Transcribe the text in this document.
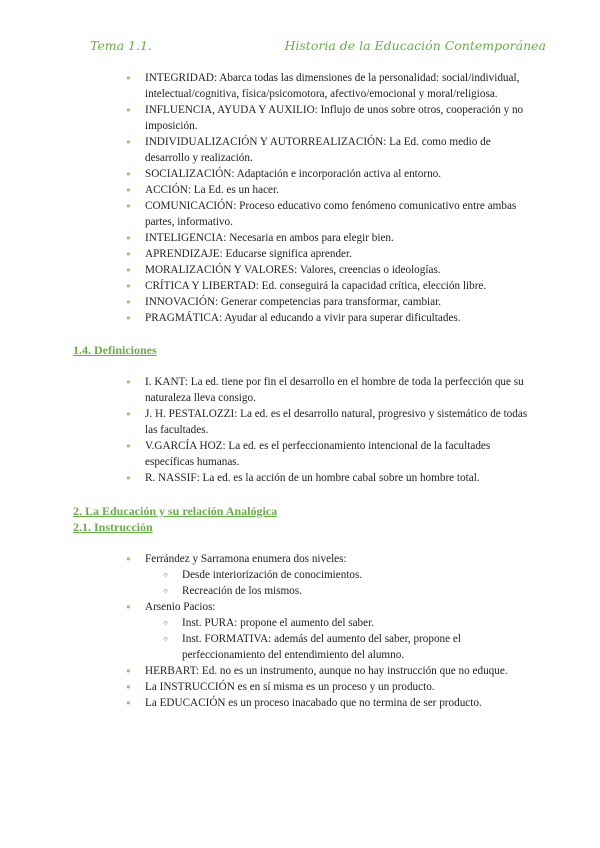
Tema 1.1.	Historia de la Educación Contemporánea
● INTEGRIDAD: Abarca todas las dimensiones de la personalidad: social/individual, intelectual/cognitiva, física/psicomotora, afectivo/emocional y moral/religiosa.
● INFLUENCIA, AYUDA Y AUXILIO: Influjo de unos sobre otros, cooperación y no imposición.
● INDIVIDUALIZACIÓN Y AUTORREALIZACIÓN: La Ed. como medio de desarrollo y realización.
● SOCIALIZACIÓN: Adaptación e incorporación activa al entorno.
● ACCIÓN: La Ed. es un hacer.
● COMUNICACIÓN: Proceso educativo como fenómeno comunicativo entre ambas partes, informativo.
● INTELIGENCIA: Necesaria en ambos para elegir bien.
● APRENDIZAJE: Educarse significa aprender.
● MORALIZACIÓN Y VALORES: Valores, creencias o ideologías.
● CRÍTICA Y LIBERTAD: Ed. conseguirá la capacidad crítica, elección libre.
● INNOVACIÓN: Generar competencias para transformar, cambiar.
● PRAGMÁTICA: Ayudar al educando a vivir para superar dificultades.
1.4. Definiciones
● I. KANT: La ed. tiene por fin el desarrollo en el hombre de toda la perfección que su naturaleza lleva consigo.
● J. H. PESTALOZZI: La ed. es el desarrollo natural, progresivo y sistemático de todas las facultades.
● V.GARCÍA HOZ: La ed. es el perfeccionamiento intencional de la facultades específicas humanas.
● R. NASSIF: La ed. es la acción de un hombre cabal sobre un hombre total.
2. La Educación y su relación Analógica
2.1. Instrucción
● Ferrández y Sarramona enumera dos niveles:
○ Desde interiorización de conocimientos.
○ Recreación de los mismos.
● Arsenio Pacios:
○ Inst. PURA: propone el aumento del saber.
○ Inst. FORMATIVA: además del aumento del saber, propone el perfeccionamiento del entendimiento del alumno.
● HERBART: Ed. no es un instrumento, aunque no hay instrucción que no eduque.
● La INSTRUCCIÓN es en sí misma es un proceso y un producto.
● La EDUCACIÓN es un proceso inacabado que no termina de ser producto.
